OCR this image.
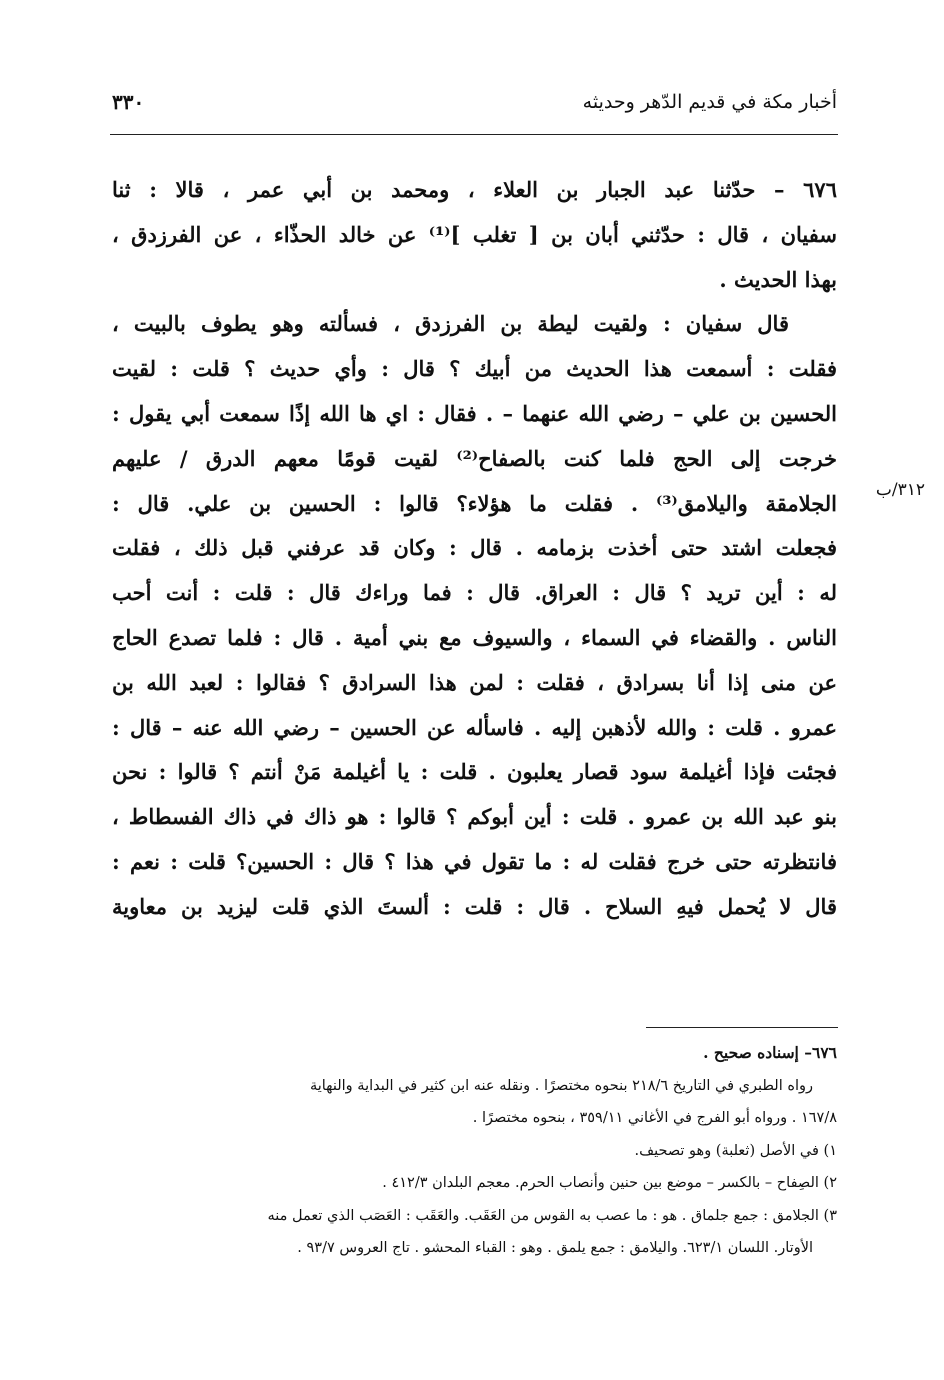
أخبار مكة في قديم الدّهر وحديثه
٣٣٠
٦٧٦ – حدّثنا عبد الجبار بن العلاء ، ومحمد بن أبي عمر ، قالا : ثنا
سفيان ، قال : حدّثني أبان بن [ تغلب ]⁽¹⁾ عن خالد الحذّاء ، عن الفرزدق ،
بهذا الحديث .
قال سفيان : ولقيت ليطة بن الفرزدق ، فسألته وهو يطوف بالبيت ،
فقلت : أسمعت هذا الحديث من أبيك ؟ قال : وأي حديث ؟ قلت : لقيت
الحسين بن علي – رضي الله عنهما – . فقال : اي ها الله إذًا سمعت أبي يقول :
خرجت إلى الحج فلما كنت بالصفاح⁽²⁾ لقيت قومًا معهم الدرق / عليهم
الجلامقة واليلامق⁽³⁾ . فقلت ما هؤلاء؟ قالوا : الحسين بن علي. قال :
فجعلت اشتد حتى أخذت بزمامه . قال : وكان قد عرفني قبل ذلك ، فقلت
له : أين تريد ؟ قال : العراق. قال : فما وراءك قال : قلت : أنت أحب
الناس . والقضاء في السماء ، والسيوف مع بني أمية . قال : فلما تصدع الحاج
عن منى إذا أنا بسرادق ، فقلت : لمن هذا السرادق ؟ فقالوا : لعبد الله بن
عمرو . قلت : والله لأذهبن إليه . فاسأله عن الحسين – رضي الله عنه – قال :
فجئت فإذا أغيلمة سود قصار يعلبون . قلت : يا أغيلمة مَنْ أنتم ؟ قالوا : نحن
بنو عبد الله بن عمرو . قلت : أين أبوكم ؟ قالوا : هو ذاك في ذاك الفسطاط ،
فانتظرته حتى خرج فقلت له : ما تقول في هذا ؟ قال : الحسين؟ قلت : نعم :
قال لا يُحمل فيهِ السلاح . قال : قلت : ألستَ الذي قلت ليزيد بن معاوية
٣١٢/ب
٦٧٦– إسناده صحيح .
رواه الطبري في التاريخ ٢١٨/٦ بنحوه مختصرًا . ونقله عنه ابن كثير في البداية والنهاية
١٦٧/٨ . ورواه أبو الفرج في الأغاني ٣٥٩/١١ ، بنحوه مختصرًا .
١) في الأصل (ثعلبة) وهو تصحيف.
٢) الصِفاح – بالكسر – موضع بين حنين وأنصاب الحرم. معجم البلدان ٤١٢/٣ .
٣) الجلامق : جمع جلماق . هو : ما عصب به القوس من العَقَب. والعَقَب : العَصَب الذي تعمل منه
الأوتار. اللسان ٦٢٣/١. واليلامق : جمع يلمق . وهو : القباء المحشو . تاج العروس ٩٣/٧ .
